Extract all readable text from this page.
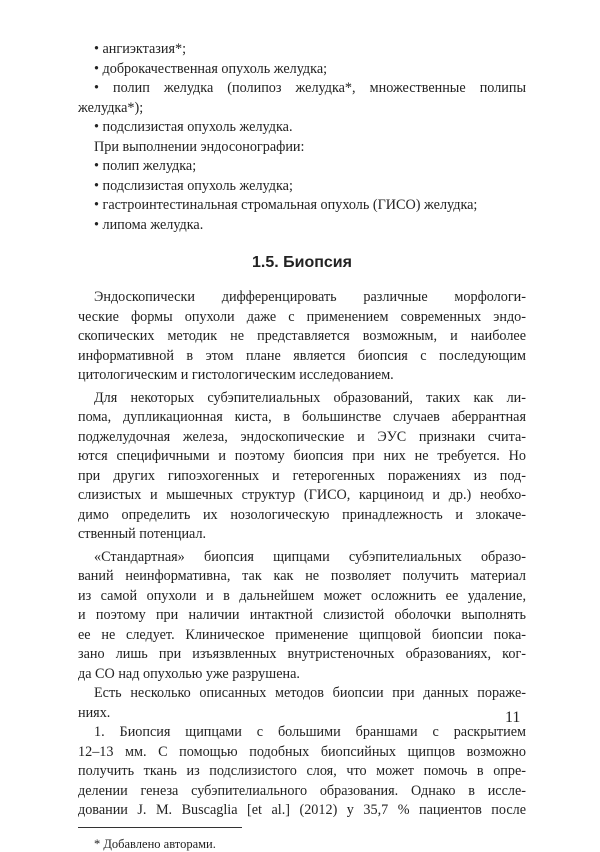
• ангиэктазия*;
• доброкачественная опухоль желудка;
• полип желудка (полипоз желудка*, множественные полипы
желудка*);
• подслизистая опухоль желудка.
При выполнении эндосонографии:
• полип желудка;
• подслизистая опухоль желудка;
• гастроинтестинальная стромальная опухоль (ГИСО) желудка;
• липома желудка.
1.5. Биопсия
Эндоскопически дифференцировать различные морфологи-
ческие формы опухоли даже с применением современных эндо-
скопических методик не представляется возможным, и наиболее
информативной в этом плане является биопсия с последующим
цитологическим и гистологическим исследованием.
Для некоторых субэпителиальных образований, таких как ли-
пома, дупликационная киста, в большинстве случаев аберрантная
поджелудочная железа, эндоскопические и ЭУС признаки счита-
ются специфичными и поэтому биопсия при них не требуется. Но
при других гипоэхогенных и гетерогенных поражениях из под-
слизистых и мышечных структур (ГИСО, карциноид и др.) необхо-
димо определить их нозологическую принадлежность и злокаче-
ственный потенциал.
«Стандартная» биопсия щипцами субэпителиальных образо-
ваний неинформативна, так как не позволяет получить материал
из самой опухоли и в дальнейшем может осложнить ее удаление,
и поэтому при наличии интактной слизистой оболочки выполнять
ее не следует. Клиническое применение щипцовой биопсии пока-
зано лишь при изъязвленных внутристеночных образованиях, ког-
да СО над опухолью уже разрушена.
Есть несколько описанных методов биопсии при данных пораже-
ниях.
1. Биопсия щипцами с большими браншами с раскрытием
12–13 мм. С помощью подобных биопсийных щипцов возможно
получить ткань из подслизистого слоя, что может помочь в опре-
делении генеза субэпителиального образования. Однако в иссле-
довании J. M. Buscaglia [et al.] (2012) у 35,7 % пациентов после
* Добавлено авторами.
11
